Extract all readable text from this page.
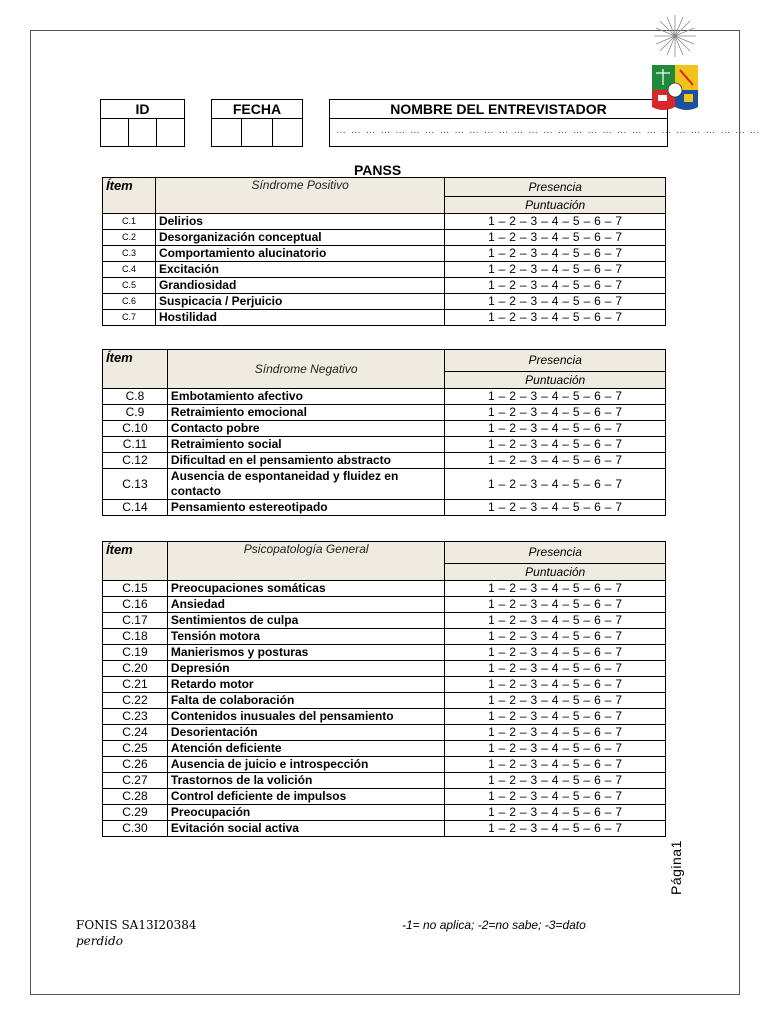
ID	FECHA	NOMBRE DEL ENTREVISTADOR
… … … … … … … … … … … … … … … … … … … … … … … … … … … … …
PANSS
Ítem	Síndrome Positivo	Presencia
		Puntuación
C.1	Delirios	1 – 2 – 3 – 4 – 5 – 6 – 7
C.2	Desorganización conceptual	1 – 2 – 3 – 4 – 5 – 6 – 7
C.3	Comportamiento alucinatorio	1 – 2 – 3 – 4 – 5 – 6 – 7
C.4	Excitación	1 – 2 – 3 – 4 – 5 – 6 – 7
C.5	Grandiosidad	1 – 2 – 3 – 4 – 5 – 6 – 7
C.6	Suspicacia / Perjuicio	1 – 2 – 3 – 4 – 5 – 6 – 7
C.7	Hostilidad	1 – 2 – 3 – 4 – 5 – 6 – 7
Ítem	Síndrome Negativo	Presencia
		Puntuación
C.8	Embotamiento afectivo	1 – 2 – 3 – 4 – 5 – 6 – 7
C.9	Retraimiento emocional	1 – 2 – 3 – 4 – 5 – 6 – 7
C.10	Contacto pobre	1 – 2 – 3 – 4 – 5 – 6 – 7
C.11	Retraimiento social	1 – 2 – 3 – 4 – 5 – 6 – 7
C.12	Dificultad en el pensamiento abstracto	1 – 2 – 3 – 4 – 5 – 6 – 7
C.13	Ausencia de espontaneidad y fluidez en contacto	1 – 2 – 3 – 4 – 5 – 6 – 7
C.14	Pensamiento estereotipado	1 – 2 – 3 – 4 – 5 – 6 – 7
Ítem	Psicopatología General	Presencia
		Puntuación
C.15	Preocupaciones somáticas	1 – 2 – 3 – 4 – 5 – 6 – 7
C.16	Ansiedad	1 – 2 – 3 – 4 – 5 – 6 – 7
C.17	Sentimientos de culpa	1 – 2 – 3 – 4 – 5 – 6 – 7
C.18	Tensión motora	1 – 2 – 3 – 4 – 5 – 6 – 7
C.19	Manierismos y posturas	1 – 2 – 3 – 4 – 5 – 6 – 7
C.20	Depresión	1 – 2 – 3 – 4 – 5 – 6 – 7
C.21	Retardo motor	1 – 2 – 3 – 4 – 5 – 6 – 7
C.22	Falta de colaboración	1 – 2 – 3 – 4 – 5 – 6 – 7
C.23	Contenidos inusuales del pensamiento	1 – 2 – 3 – 4 – 5 – 6 – 7
C.24	Desorientación	1 – 2 – 3 – 4 – 5 – 6 – 7
C.25	Atención deficiente	1 – 2 – 3 – 4 – 5 – 6 – 7
C.26	Ausencia de juicio e introspección	1 – 2 – 3 – 4 – 5 – 6 – 7
C.27	Trastornos de la volición	1 – 2 – 3 – 4 – 5 – 6 – 7
C.28	Control deficiente de impulsos	1 – 2 – 3 – 4 – 5 – 6 – 7
C.29	Preocupación	1 – 2 – 3 – 4 – 5 – 6 – 7
C.30	Evitación social activa	1 – 2 – 3 – 4 – 5 – 6 – 7
FONIS SA13I20384
perdido
-1= no aplica; -2=no sabe; -3=dato
Página1
